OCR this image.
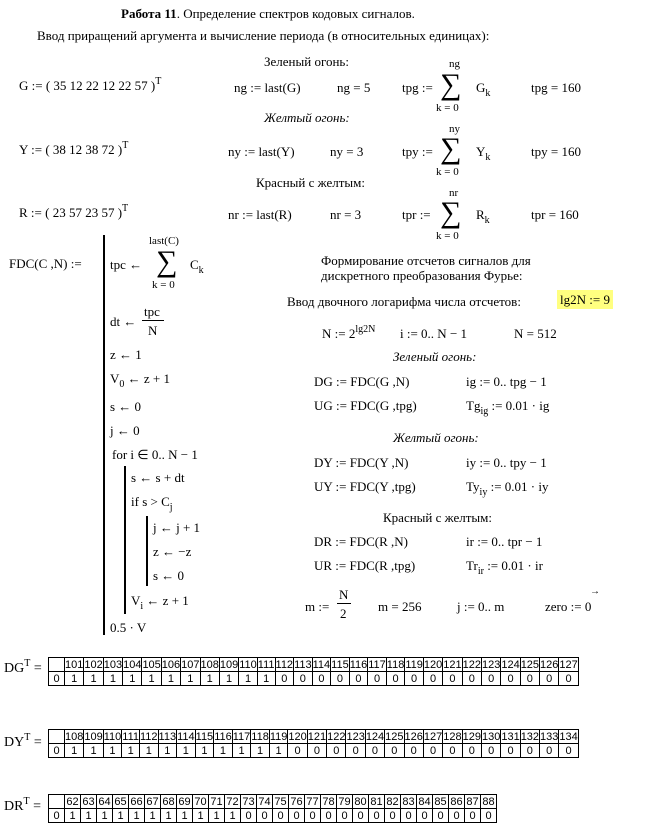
Работа 11. Определение спектров кодовых сигналов.
Ввод приращений аргумента и вычисление периода (в относительных единицах):
Зеленый огонь:
G := ( 35 12 22 12 22 57 )$^T$	ng := last(G)	ng = 5 tpg :=
ng
∑
k = 0
$G_k$	tpg = 160
Желтый огонь:
Y := ( 38 12 38 72 )$^T$	ny := last(Y)	ny = 3	tpy :=
ny
∑
k = 0
$Y_k$	tpy = 160
Красный с желтым:
R := ( 23 57 23 57 )$^T$	nr := last(R)	nr = 3	tpr :=
nr
∑
k = 0
$R_k$	tpr = 160
FDC(C ,N) :=
last(C)
tpc ← ∑
k = 0
$C_k$
dt ←
tpc
N
z ← 1
$V_0$ ← z + 1
s ← 0
j ← 0
for i ∈ 0.. N − 1
s ← s + dt
if $s > C_j$
j ← j + 1
z ← −z
s ← 0
$V_i$ ← z + 1
0.5 · V
Формирование отсчетов сигналов для
дискретного преобразования Фурье:
Ввод двочного логарифма числа отсчетов:	lg2N := 9
N := $2^{lg2N}$ i := 0.. N − 1	N = 512
Зеленый огонь:
DG := FDC(G ,N)	ig := 0.. tpg − 1
UG := FDC(G ,tpg)	$Tg_{ig}$ := 0.01 · ig
Желтый огонь:
DY := FDC(Y ,N)	iy := 0.. tpy − 1
UY := FDC(Y ,tpg)	$Ty_{iy}$ := 0.01 · iy
Красный с желтым:
DR := FDC(R ,N)	ir := 0.. tpr − 1
UR := FDC(R ,tpg)	$Tr_{ir}$ := 0.01 · ir
m :=
N
2 m = 256	j := 0.. m	zero := 0
→
$DG^T$ =
	101	102	103	104	105	106	107	108	109	110	111	112	113	114	115	116	117	118	119	120	121	122	123	124	125	126	127
0	1	1	1	1	1	1	1	1	1	1	1	0	0	0	0	0	0	0	0	0	0	0	0	0	0	0	0
$DY^T$ =
	108	109	110	111	112	113	114	115	116	117	118	119	120	121	122	123	124	125	126	127	128	129	130	131	132	133	134
0	1	1	1	1	1	1	1	1	1	1	1	1	0	0	0	0	0	0	0	0	0	0	0	0	0	0	0
$DR^T$ =
	62	63	64	65	66	67	68	69	70	71	72	73	74	75	76	77	78	79	80	81	82	83	84	85	86	87	88
0	1	1	1	1	1	1	1	1	1	1	1	0	0	0	0	0	0	0	0	0	0	0	0	0	0	0	0
